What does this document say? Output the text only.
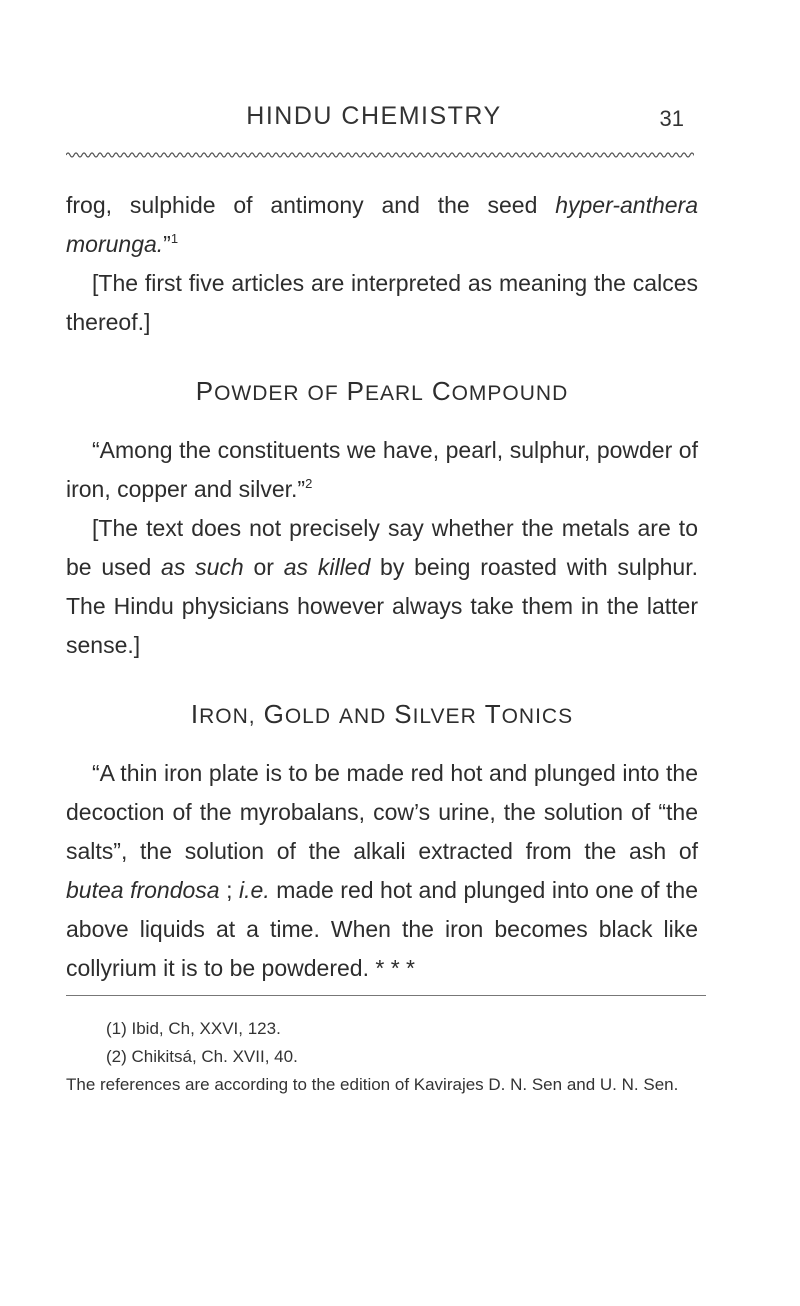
HINDU CHEMISTRY	31

frog, sulphide of antimony and the seed hyper-anthera morunga.”$^1$

[The first five articles are interpreted as meaning the calces thereof.]

POWDER OF PEARL COMPOUND

“Among the constituents we have, pearl, sulphur, powder of iron, copper and silver.”$^2$

[The text does not precisely say whether the metals are to be used as such or as killed by being roasted with sulphur. The Hindu physicians however always take them in the latter sense.]

IRON, GOLD AND SILVER TONICS

“A thin iron plate is to be made red hot and plunged into the decoction of the myrobalans, cow’s urine, the solution of “the salts”, the solution of the alkali extracted from the ash of butea frondosa ; i.e. made red hot and plunged into one of the above liquids at a time. When the iron becomes black like collyrium it is to be powdered. * * *

(1) Ibid, Ch, XXVI, 123.
(2) Chikitsá, Ch. XVII, 40.
The references are according to the edition of Kavirajes D. N. Sen and U. N. Sen.
